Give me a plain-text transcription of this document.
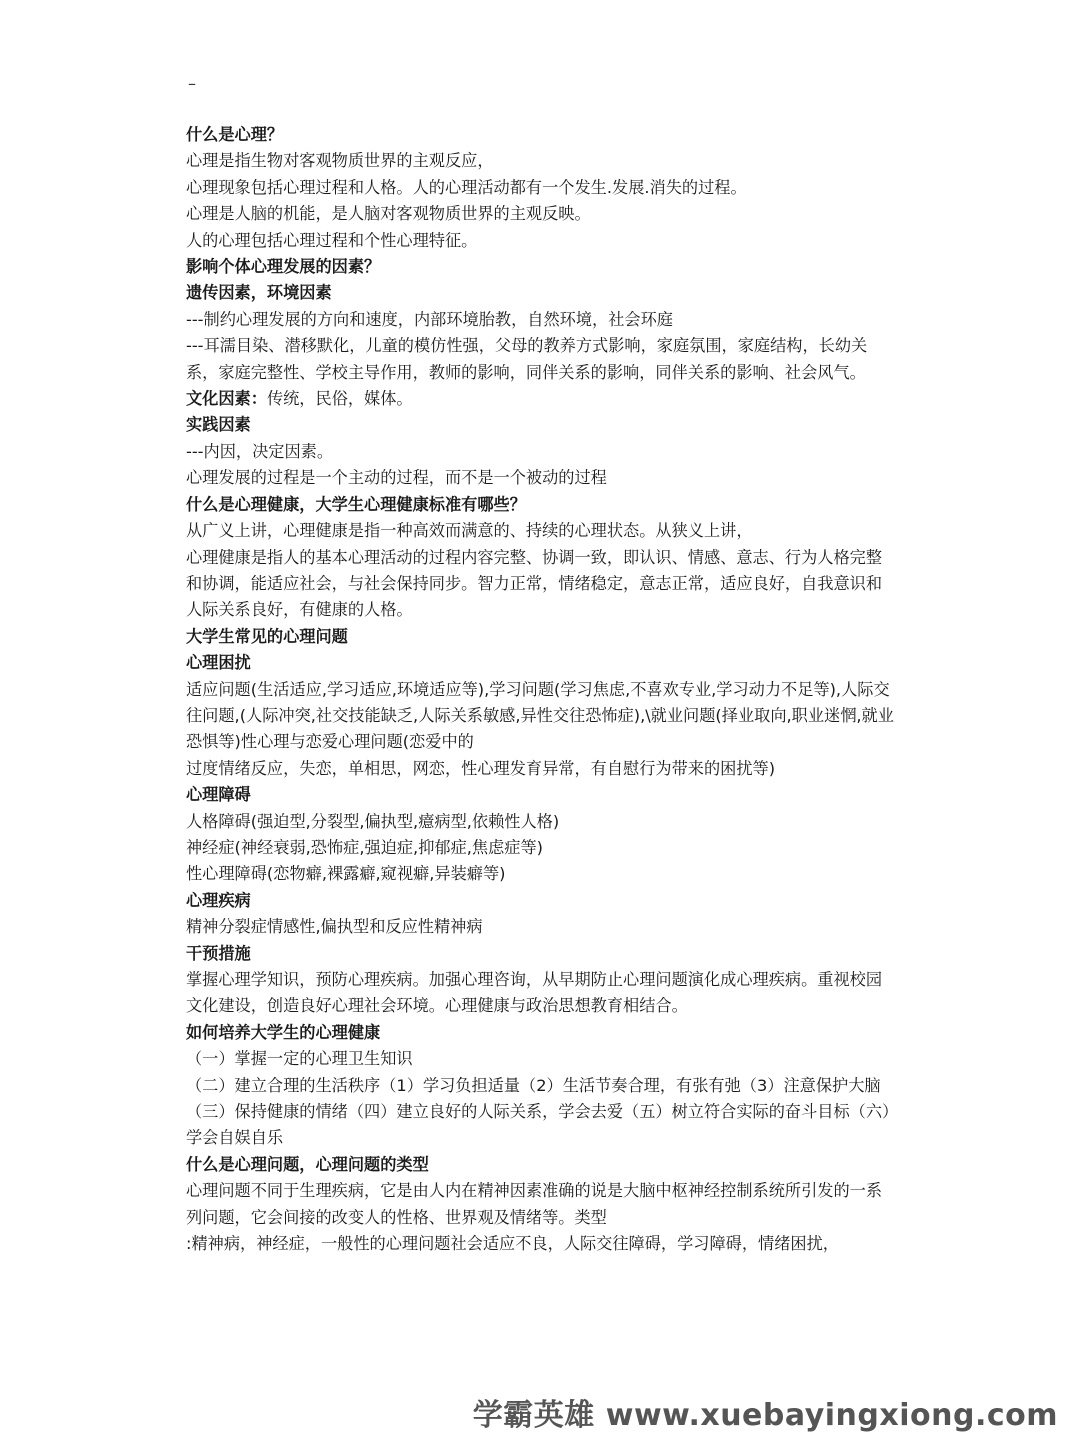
–

什么是心理？

心理是指生物对客观物质世界的主观反应，

心理现象包括心理过程和人格。人的心理活动都有一个发生.发展.消失的过程。

心理是人脑的机能，是人脑对客观物质世界的主观反映。

人的心理包括心理过程和个性心理特征。

影响个体心理发展的因素？

遗传因素，环境因素

---制约心理发展的方向和速度，内部环境胎教，自然环境，社会环庭

---耳濡目染、潜移默化，儿童的模仿性强，父母的教养方式影响，家庭氛围，家庭结构，长幼关系，家庭完整性、学校主导作用，教师的影响，同伴关系的影响，同伴关系的影响、社会风气。

文化因素：传统，民俗，媒体。

实践因素

---内因，决定因素。

心理发展的过程是一个主动的过程，而不是一个被动的过程

什么是心理健康，大学生心理健康标准有哪些？

从广义上讲，心理健康是指一种高效而满意的、持续的心理状态。从狭义上讲，

心理健康是指人的基本心理活动的过程内容完整、协调一致，即认识、情感、意志、行为人格完整和协调，能适应社会，与社会保持同步。智力正常，情绪稳定，意志正常，适应良好，自我意识和人际关系良好，有健康的人格。

大学生常见的心理问题

心理困扰

适应问题(生活适应,学习适应,环境适应等),学习问题(学习焦虑,不喜欢专业,学习动力不足等),人际交往问题,(人际冲突,社交技能缺乏,人际关系敏感,异性交往恐怖症),\就业问题(择业取向,职业迷惘,就业恐惧等)性心理与恋爱心理问题(恋爱中的

过度情绪反应，失恋，单相思，网恋，性心理发育异常，有自慰行为带来的困扰等)

心理障碍

人格障碍(强迫型,分裂型,偏执型,癔病型,依赖性人格)

神经症(神经衰弱,恐怖症,强迫症,抑郁症,焦虑症等)

性心理障碍(恋物癖,裸露癖,窥视癖,异装癖等)

心理疾病

精神分裂症情感性,偏执型和反应性精神病

干预措施

掌握心理学知识，预防心理疾病。加强心理咨询，从早期防止心理问题演化成心理疾病。重视校园文化建设，创造良好心理社会环境。心理健康与政治思想教育相结合。

如何培养大学生的心理健康

（一）掌握一定的心理卫生知识

（二）建立合理的生活秩序（1）学习负担适量（2）生活节奏合理，有张有弛（3）注意保护大脑（三）保持健康的情绪（四）建立良好的人际关系，学会去爱（五）树立符合实际的奋斗目标（六）学会自娱自乐

什么是心理问题，心理问题的类型

心理问题不同于生理疾病，它是由人内在精神因素准确的说是大脑中枢神经控制系统所引发的一系列问题，它会间接的改变人的性格、世界观及情绪等。类型

:精神病，神经症，一般性的心理问题社会适应不良，人际交往障碍，学习障碍，情绪困扰，

学霸英雄 www.xuebayingxiong.com
